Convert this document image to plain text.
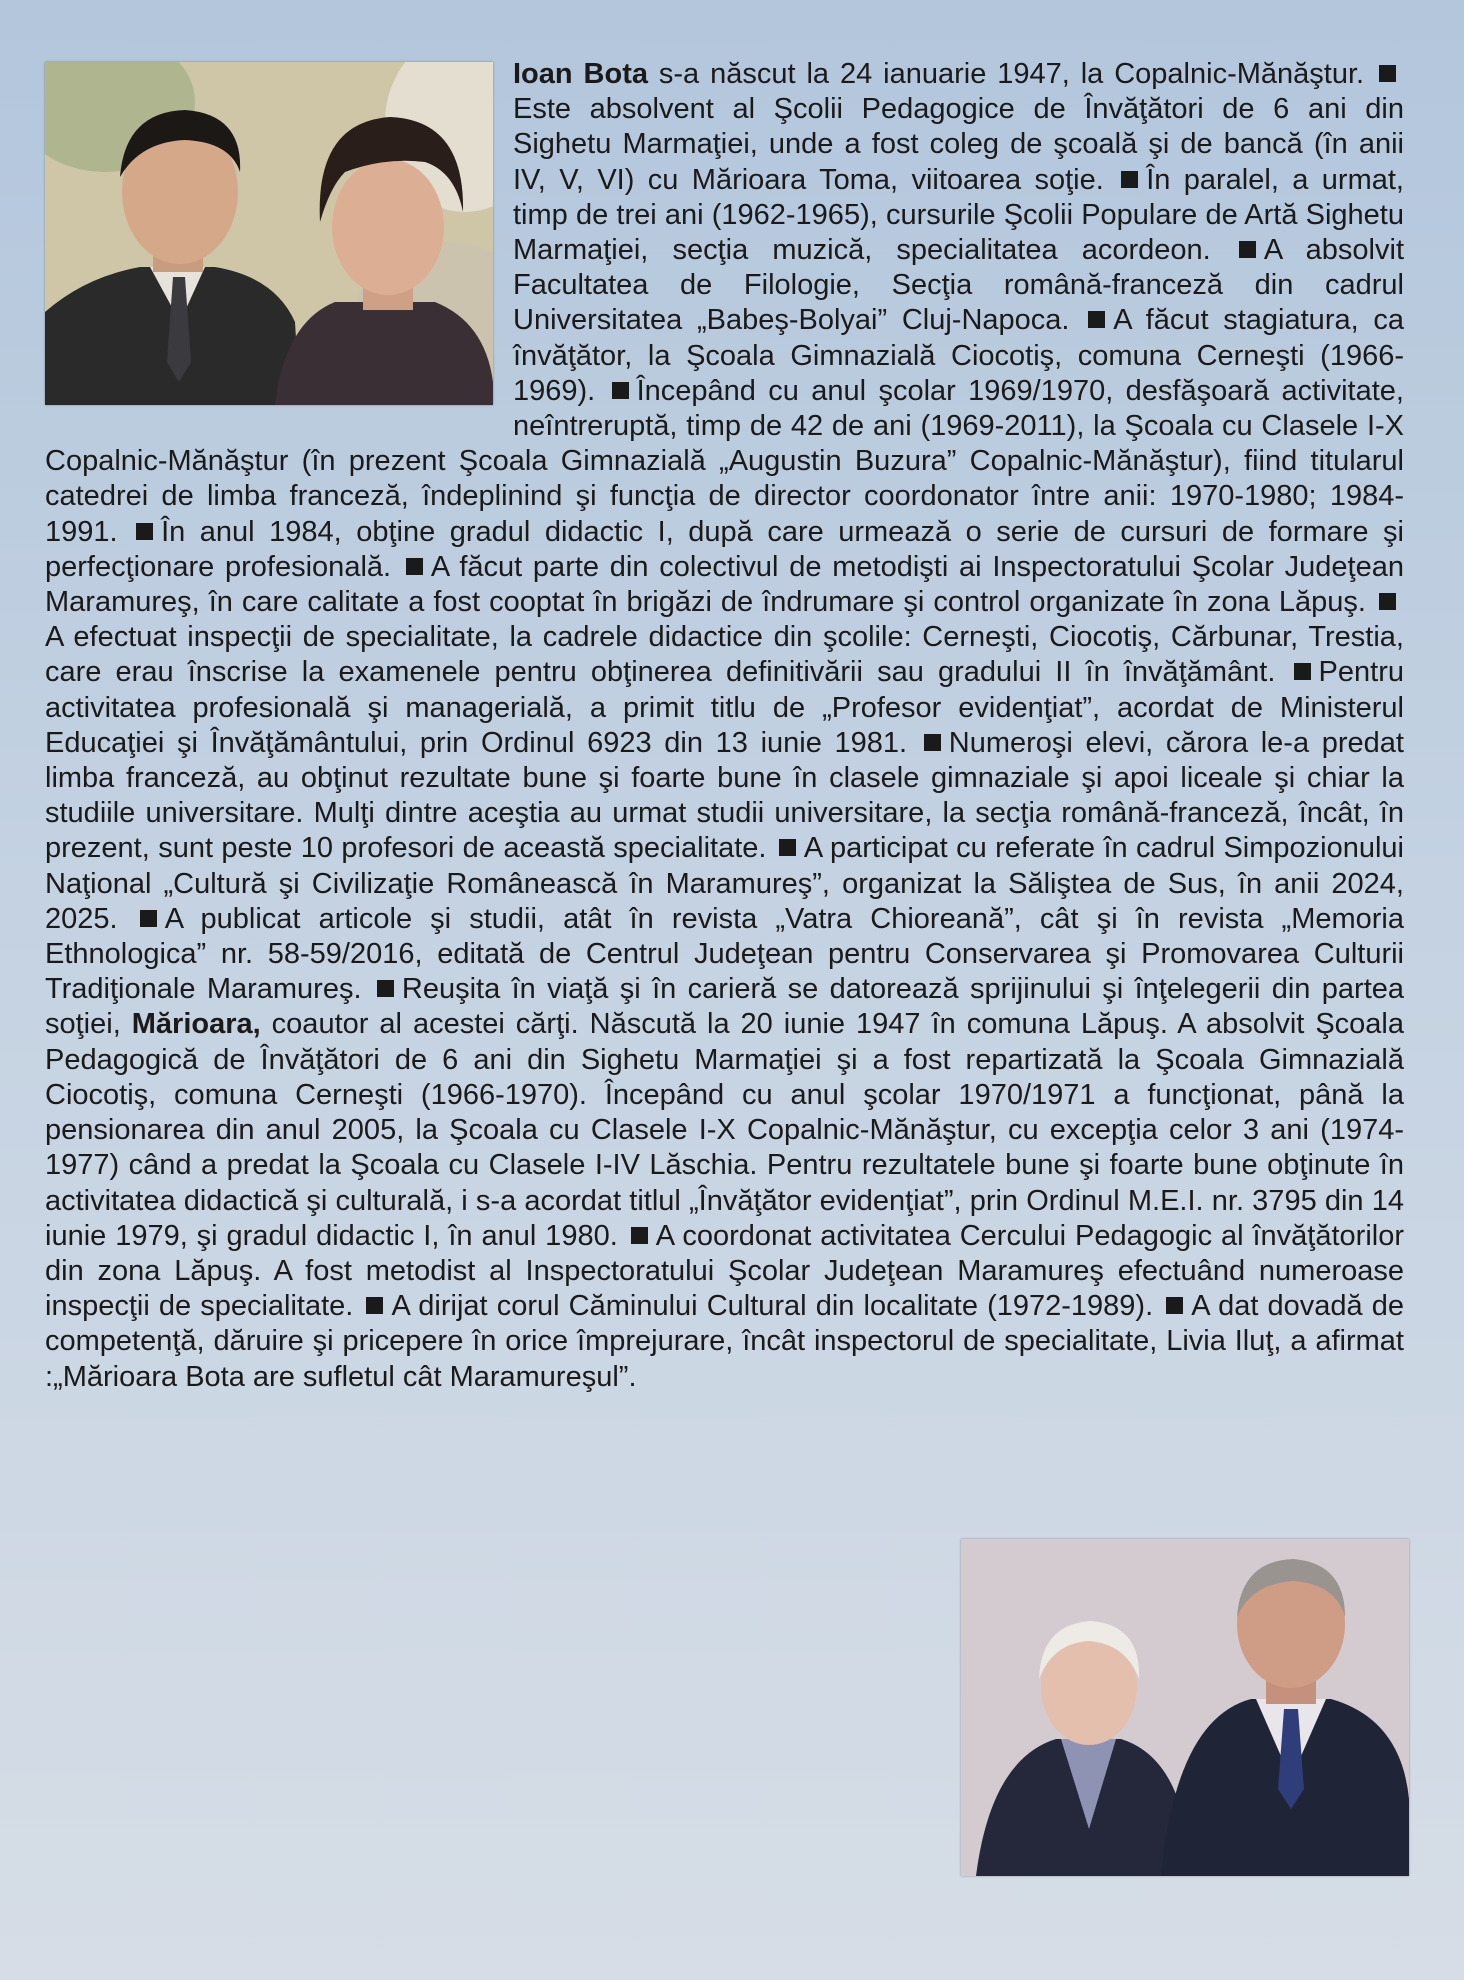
Ioan Bota s-a născut la 24 ianuarie 1947, la Copalnic-Mănăştur. Este absolvent al Şcolii Pedagogice de Învăţători de 6 ani din Sighetu Marmaţiei, unde a fost coleg de şcoală şi de bancă (în anii IV, V, VI) cu Mărioara Toma, viitoarea soţie. În paralel, a urmat, timp de trei ani (1962-1965), cursurile Şcolii Populare de Artă Sighetu Marmaţiei, secţia muzică, specialitatea acordeon. A absolvit Facultatea de Filologie, Secţia română-franceză din cadrul Universitatea „Babeş-Bolyai” Cluj-Napoca. A făcut stagiatura, ca învăţător, la Şcoala Gimnazială Ciocotiş, comuna Cerneşti (1966-1969). Începând cu anul şcolar 1969/1970, desfăşoară activitate, neîntreruptă, timp de 42 de ani (1969-2011), la Şcoala cu Clasele I-X Copalnic-Mănăştur (în prezent Şcoala Gimnazială „Augustin Buzura” Copalnic-Mănăştur), fiind titularul catedrei de limba franceză, îndeplinind şi funcţia de director coordonator între anii: 1970-1980; 1984-1991. În anul 1984, obţine gradul didactic I, după care urmează o serie de cursuri de formare şi perfecţionare profesională. A făcut parte din colectivul de metodişti ai Inspectoratului Şcolar Judeţean Maramureş, în care calitate a fost cooptat în brigăzi de îndrumare şi control organizate în zona Lăpuş. A efectuat inspecţii de specialitate, la cadrele didactice din şcolile: Cerneşti, Ciocotiş, Cărbunar, Trestia, care erau înscrise la examenele pentru obţinerea definitivării sau gradului II în învăţământ. Pentru activitatea profesională şi managerială, a primit titlu de „Profesor evidenţiat”, acordat de Ministerul Educaţiei şi Învăţământului, prin Ordinul 6923 din 13 iunie 1981. Numeroşi elevi, cărora le-a predat limba franceză, au obţinut rezultate bune şi foarte bune în clasele gimnaziale şi apoi liceale şi chiar la studiile universitare. Mulţi dintre aceştia au urmat studii universitare, la secţia română-franceză, încât, în prezent, sunt peste 10 profesori de această specialitate. A participat cu referate în cadrul Simpozionului Naţional „Cultură şi Civilizaţie Românească în Maramureş”, organizat la Săliştea de Sus, în anii 2024, 2025. A publicat articole şi studii, atât în revista „Vatra Chioreană”, cât şi în revista „Memoria Ethnologica” nr. 58-59/2016, editată de Centrul Judeţean pentru Conservarea şi Promovarea Culturii Tradiţionale Maramureş. Reuşita în viaţă şi în carieră se datorează sprijinului şi înţelegerii din partea soţiei, Mărioara, coautor al acestei cărţi. Născută la 20 iunie 1947 în comuna Lăpuş. A absolvit Şcoala Pedagogică de Învăţători de 6 ani din Sighetu Marmaţiei şi a fost repartizată la Şcoala Gimnazială Ciocotiş, comuna Cerneşti (1966-1970). Începând cu anul şcolar 1970/1971 a funcţionat, până la pensionarea din anul 2005, la Şcoala cu Clasele I-X Copalnic-Mănăştur, cu excepţia celor 3 ani (1974-1977) când a predat la Şcoala cu Clasele I-IV Lăschia. Pentru rezultatele bune şi foarte bune obţinute în activitatea didactică şi culturală, i s-a acordat titlul „Învăţător evidenţiat”, prin Ordinul M.E.I. nr. 3795 din 14 iunie 1979, şi gradul didactic I, în anul 1980. A coordonat activitatea Cercului Pedagogic al învăţătorilor din zona Lăpuş. A fost metodist al Inspectoratului Şcolar Judeţean Maramureş efectuând numeroase inspecţii de specialitate. A dirijat corul Căminului Cultural din localitate (1972-1989). A dat dovadă de competenţă, dăruire şi pricepere în orice împrejurare, încât inspectorul de specialitate, Livia Iluţ, a afirmat :„Mărioara Bota are sufletul cât Maramureşul”.
